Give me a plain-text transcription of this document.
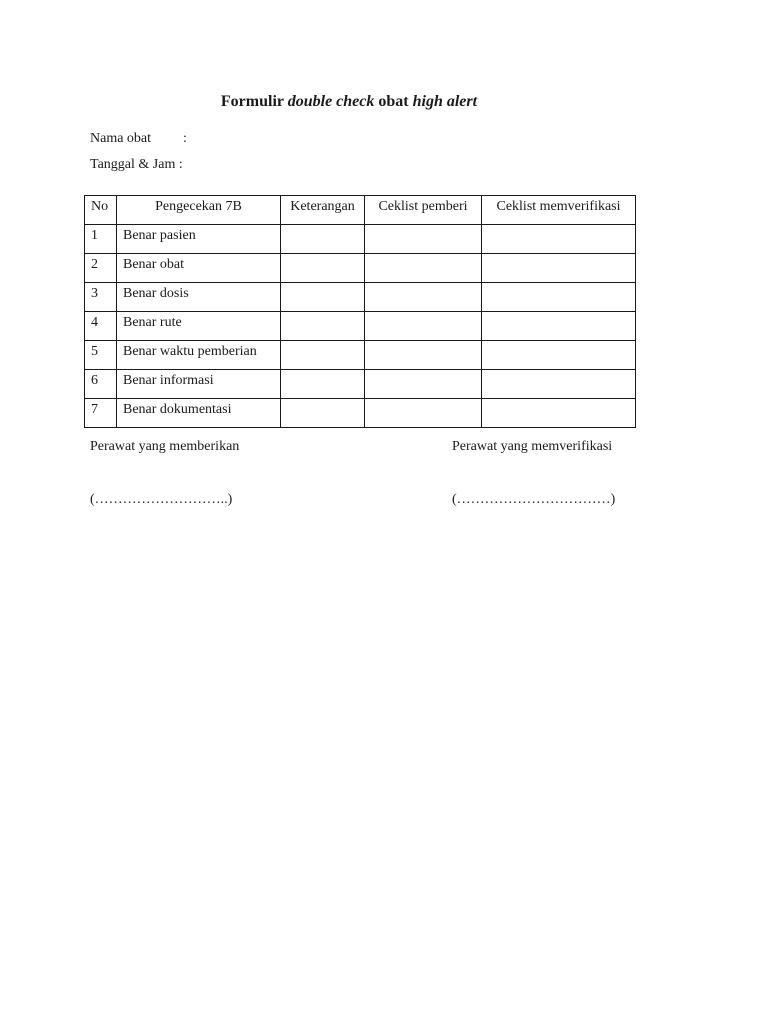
Formulir double check obat high alert
Nama obat :
Tanggal & Jam :
No	Pengecekan 7B	Keterangan	Ceklist pemberi	Ceklist memverifikasi
1	Benar pasien			
2	Benar obat			
3	Benar dosis			
4	Benar rute			
5	Benar waktu pemberian			
6	Benar informasi			
7	Benar dokumentasi			
Perawat yang memberikan	Perawat yang memverifikasi
(………………………..)	(……………………………)
